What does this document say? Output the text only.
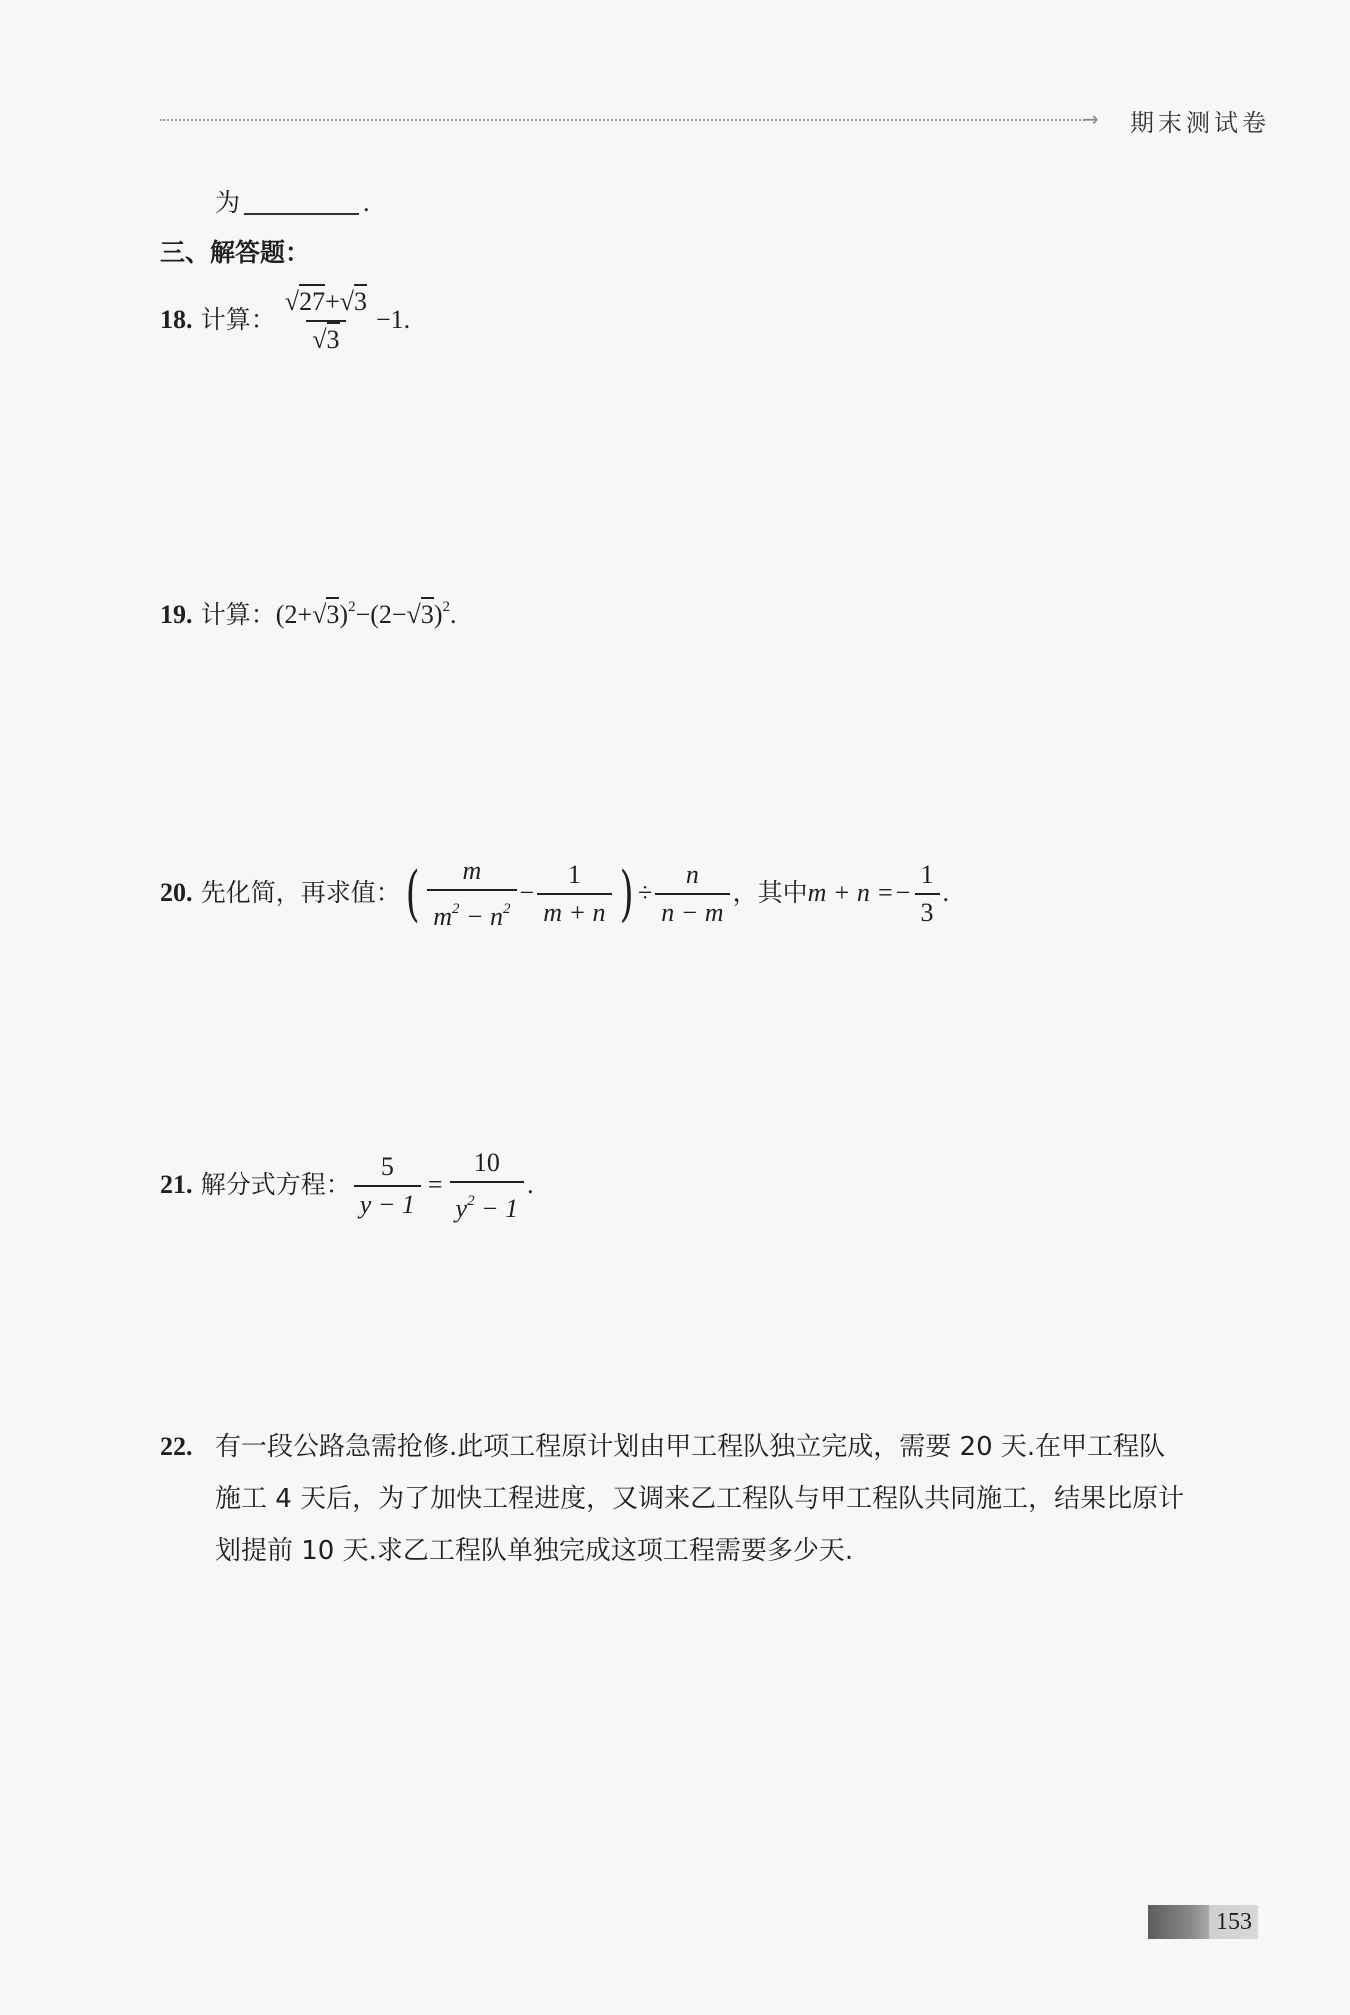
→ 期末测试卷
为	.
三、解答题：
18. 计算： $\frac{√27+√3}{√3} -1$.
19. 计算：$(2+√3)^2-(2-√3)^2$.
20. 先化简，再求值：( $\frac{m}{m^2 - n^2} - \frac{1}{m + n}$ ) ÷ $\frac{n}{n - m}$ ，其中$m + n =- \frac{1}{3}$ .
21. 解分式方程： $\frac{5}{y - 1} = \frac{10}{y^2 - 1}$ .
22. 有一段公路急需抢修.此项工程原计划由甲工程队独立完成，需要 20 天.在甲工程队
施工 4 天后，为了加快工程进度，又调来乙工程队与甲工程队共同施工，结果比原计
划提前 10 天.求乙工程队单独完成这项工程需要多少天.
153
